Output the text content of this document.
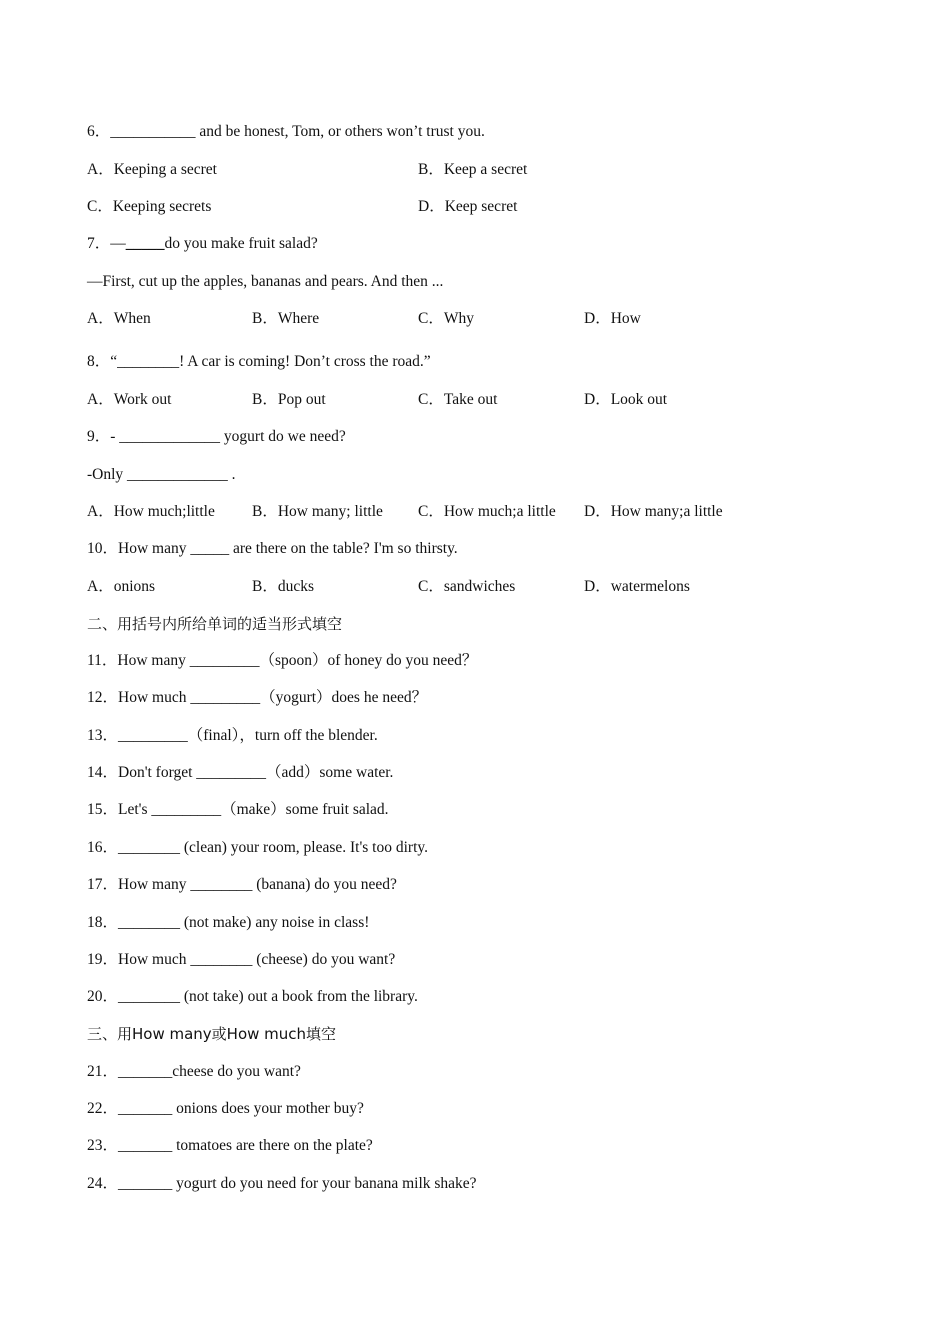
6．___________ and be honest, Tom, or others won’t trust you.
A．Keeping a secret	B．Keep a secret
C．Keeping secrets	D．Keep secret
7．—_____do you make fruit salad?
—First, cut up the apples, bananas and pears. And then ...
A．When	B．Where	C．Why	D．How
8．“________! A car is coming! Don’t cross the road.”
A．Work out	B．Pop out	C．Take out	D．Look out
9．- _____________ yogurt do we need?
-Only _____________ .
A．How much;little B．How many; little C．How much;a little D．How many;a little
10．How many _____ are there on the table? I'm so thirsty.
A．onions	B．ducks	C．sandwiches	D．watermelons
二、用括号内所给单词的适当形式填空
11．How many _________（spoon）of honey do you need？
12．How much _________（yogurt）does he need？
13．_________（final），turn off the blender.
14．Don't forget _________（add）some water.
15．Let's _________（make）some fruit salad.
16．________ (clean) your room, please. It's too dirty.
17．How many ________ (banana) do you need?
18．________ (not make) any noise in class!
19．How much ________ (cheese) do you want?
20．________ (not take) out a book from the library.
三、用How many或How much填空
21．_______cheese do you want?
22．_______ onions does your mother buy?
23．_______ tomatoes are there on the plate?
24．_______ yogurt do you need for your banana milk shake?
